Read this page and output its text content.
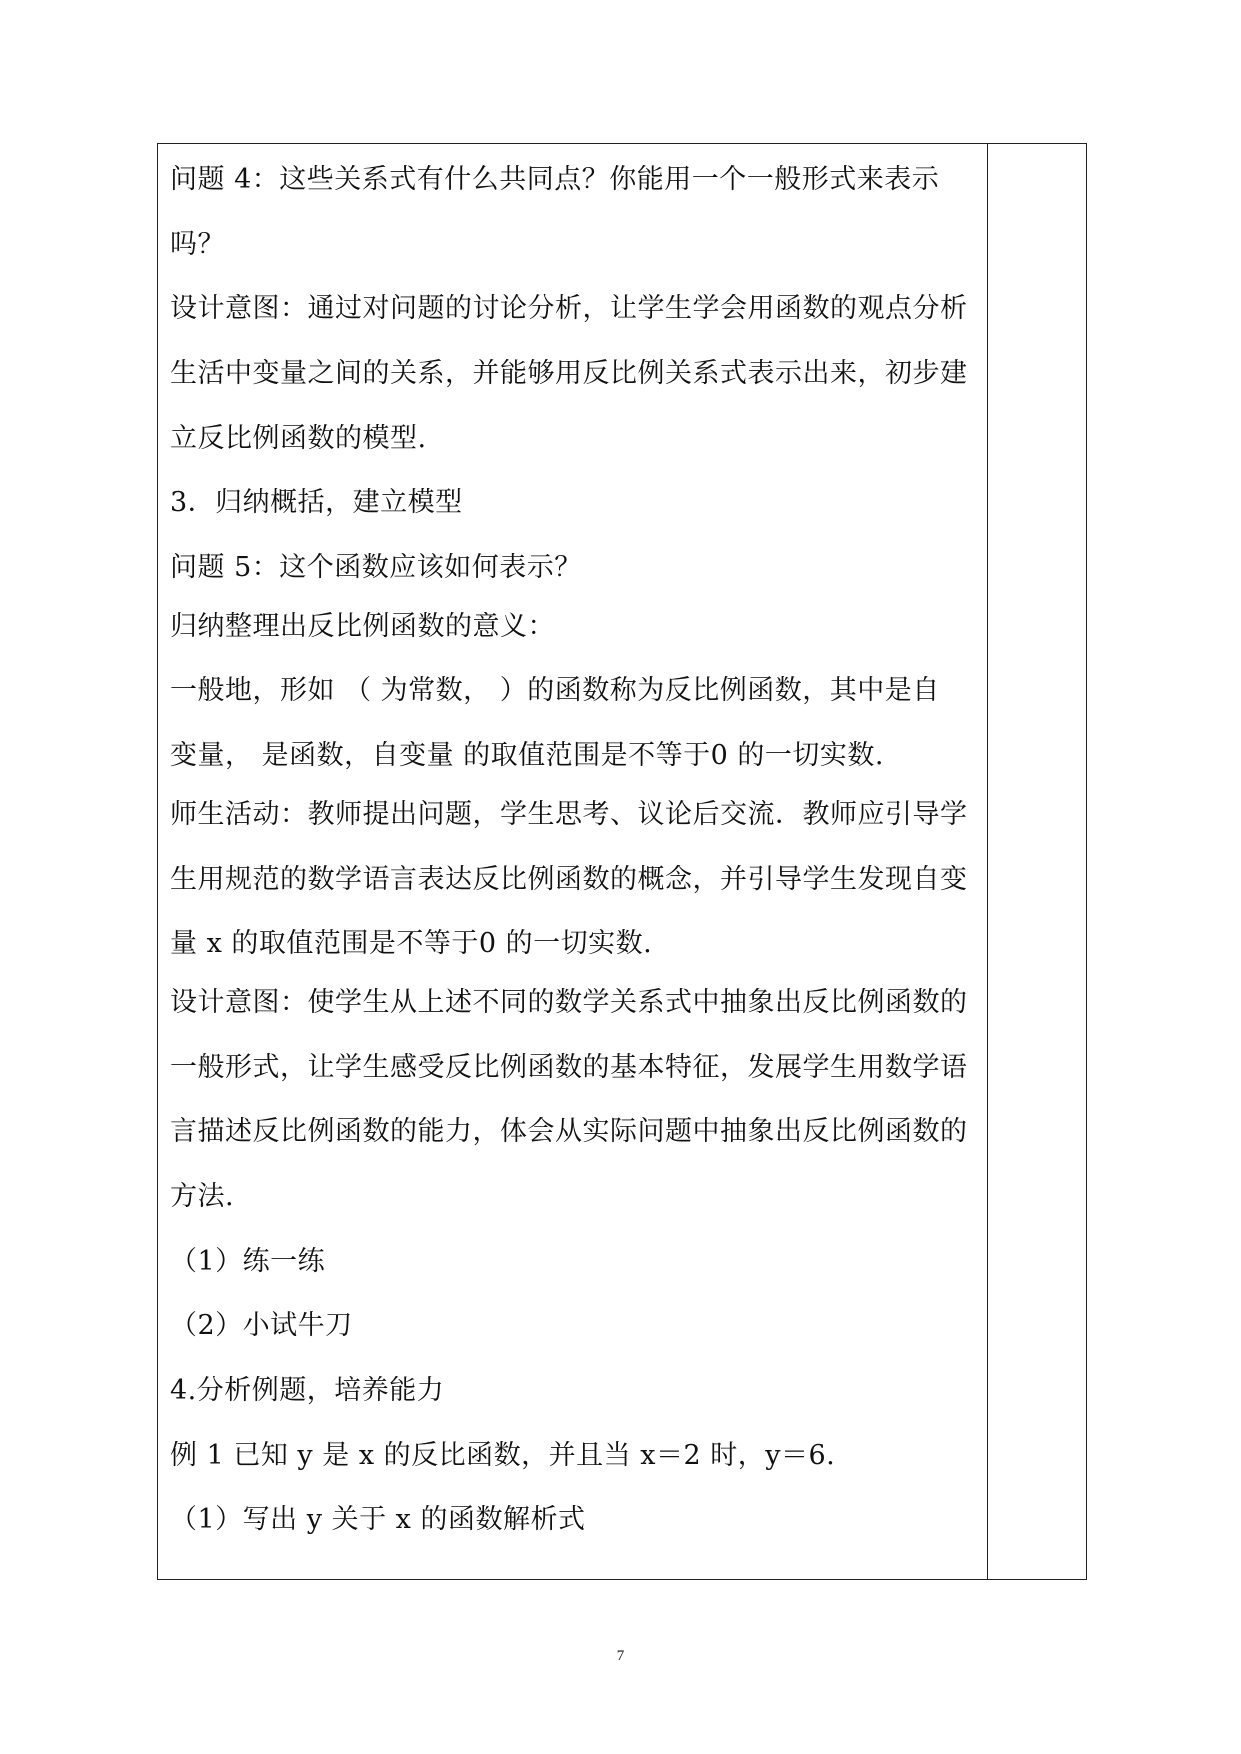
问题 4：这些关系式有什么共同点？你能用一个一般形式来表示
吗？
设计意图：通过对问题的讨论分析，让学生学会用函数的观点分析
生活中变量之间的关系，并能够用反比例关系式表示出来，初步建
立反比例函数的模型.
3．归纳概括，建立模型
问题 5：这个函数应该如何表示？
归纳整理出反比例函数的意义：
一般地，形如 （ 为常数， ）的函数称为反比例函数，其中是自
变量， 是函数，自变量 的取值范围是不等于0 的一切实数.
师生活动：教师提出问题，学生思考、议论后交流．教师应引导学
生用规范的数学语言表达反比例函数的概念，并引导学生发现自变
量 x 的取值范围是不等于0 的一切实数.
设计意图：使学生从上述不同的数学关系式中抽象出反比例函数的
一般形式，让学生感受反比例函数的基本特征，发展学生用数学语
言描述反比例函数的能力，体会从实际问题中抽象出反比例函数的
方法.
（1）练一练
（2）小试牛刀
4.分析例题，培养能力
例 1 已知 y 是 x 的反比函数，并且当 x＝2 时，y＝6.
（1）写出 y 关于 x 的函数解析式
7
